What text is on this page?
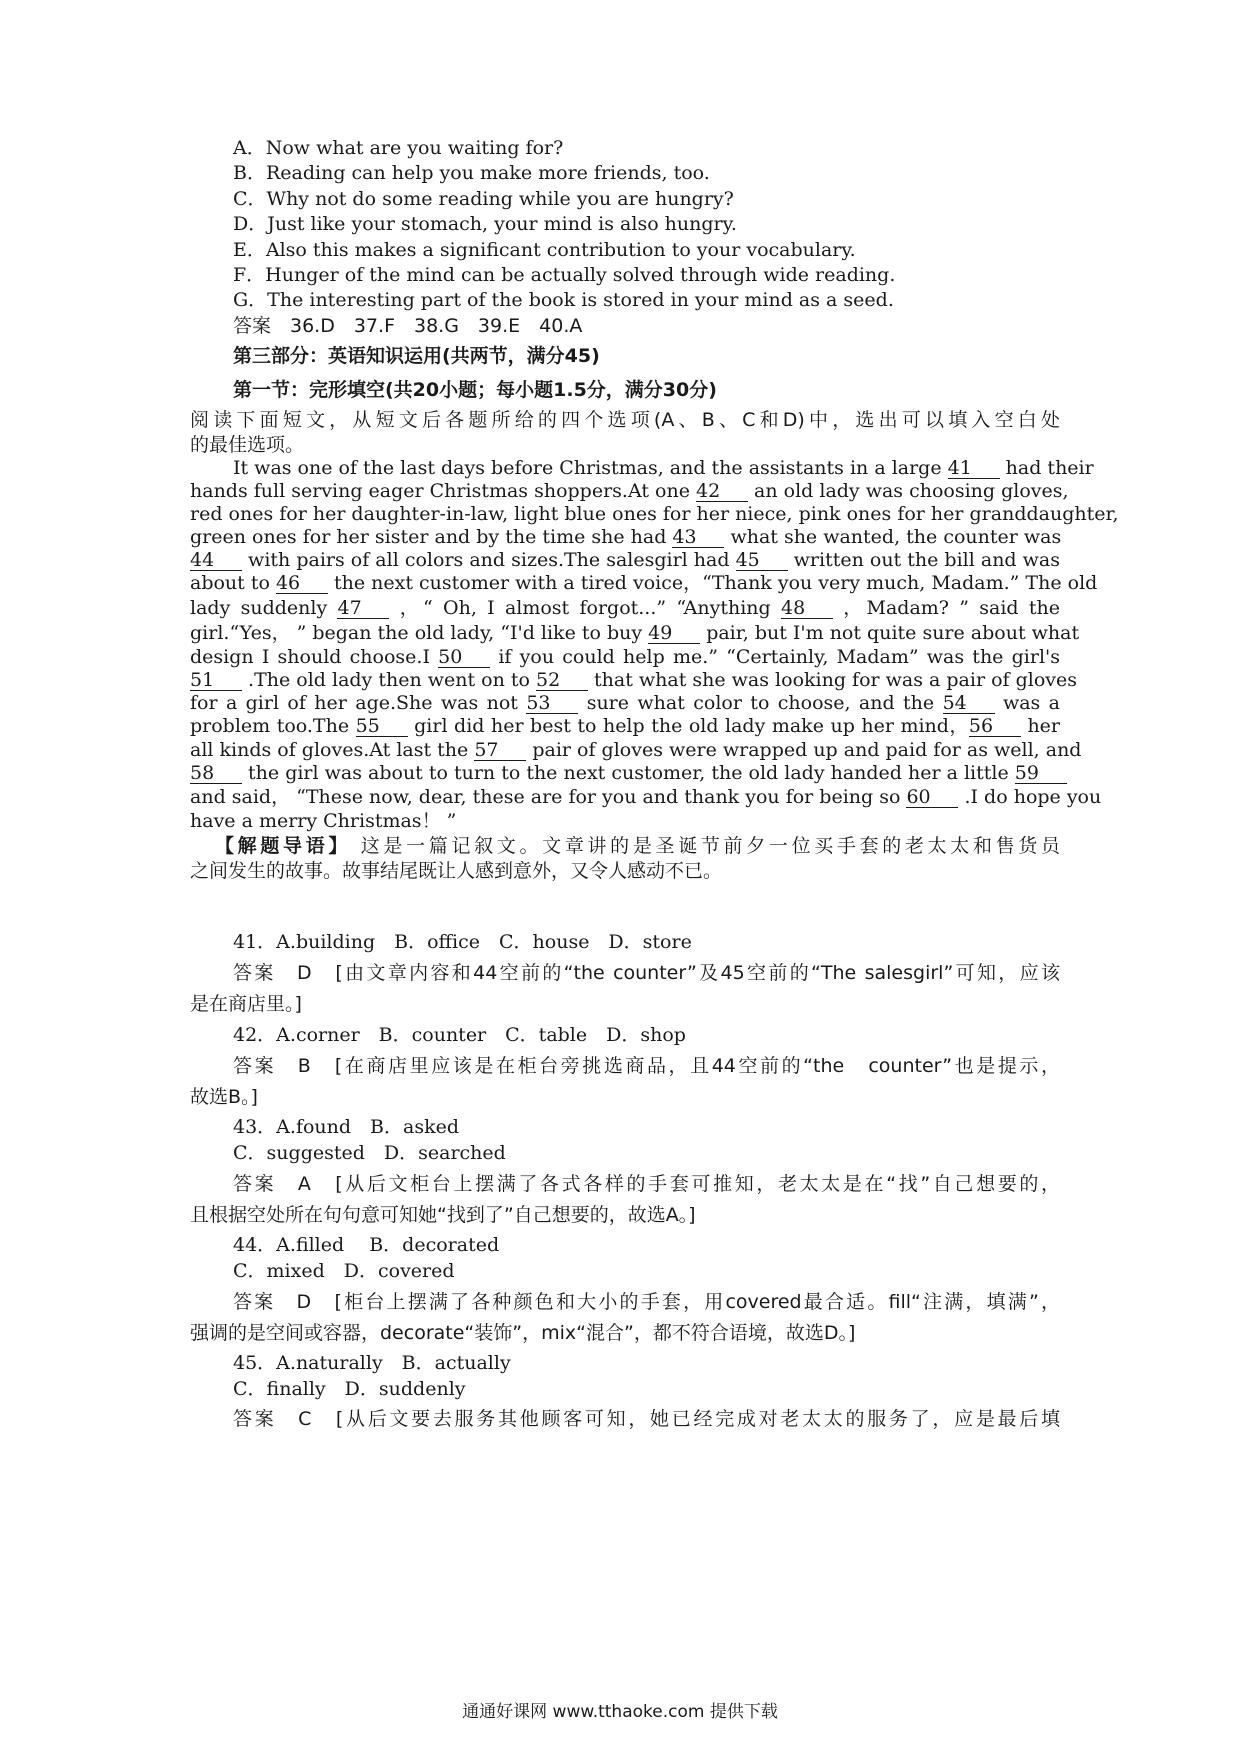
A．Now what are you waiting for?
B．Reading can help you make more friends, too.
C．Why not do some reading while you are hungry?
D．Just like your stomach, your mind is also hungry.
E．Also this makes a significant contribution to your vocabulary.
F．Hunger of the mind can be actually solved through wide reading.
G．The interesting part of the book is stored in your mind as a seed.
答案　36.D　37.F　38.G　39.E　40.A
第三部分：英语知识运用(共两节，满分45)
第一节：完形填空(共20小题；每小题1.5分，满分30分)
阅读下面短文，从短文后各题所给的四个选项(A、B、C和D)中，选出可以填入空白处
的最佳选项。
It was one of the last days before Christmas, and the assistants in a large 41 had their
hands full serving eager Christmas shoppers.At one 42 an old lady was choosing gloves,
red ones for her daughter-in-law, light blue ones for her niece, pink ones for her granddaughter,
green ones for her sister and by the time she had 43 what she wanted, the counter was
44 with pairs of all colors and sizes.The salesgirl had 45 written out the bill and was
about to 46 the next customer with a tired voice，“Thank you very much, Madam.” The old
lady suddenly 47 ，“ Oh, I almost forgot...” “Anything 48 ，Madam? ” said the
girl.“Yes， ” began the old lady, “I'd like to buy 49 pair, but I'm not quite sure about what
design I should choose.I 50 if you could help me.” “Certainly, Madam” was the girl's
51 .The old lady then went on to 52 that what she was looking for was a pair of gloves
for a girl of her age.She was not 53 sure what color to choose, and the 54 was a
problem too.The 55 girl did her best to help the old lady make up her mind，56 her
all kinds of gloves.At last the 57 pair of gloves were wrapped up and paid for as well, and
58 the girl was about to turn to the next customer, the old lady handed her a little 59
and said， “These now, dear, these are for you and thank you for being so 60 .I do hope you
have a merry Christmas！ ”
【解题导语】 这是一篇记叙文。文章讲的是圣诞节前夕一位买手套的老太太和售货员
之间发生的故事。故事结尾既让人感到意外，又令人感动不已。
41．A.building　B．office　C．house　D．store
答案　D　[由文章内容和44空前的“the counter”及45空前的“The salesgirl”可知，应该
是在商店里。]
42．A.corner　B．counter　C．table　D．shop
答案　B　[在商店里应该是在柜台旁挑选商品，且44空前的“the　counter”也是提示，
故选B。]
43．A.found　B．asked
C．suggested　D．searched
答案　A　[从后文柜台上摆满了各式各样的手套可推知，老太太是在“找”自己想要的，
且根据空处所在句句意可知她“找到了”自己想要的，故选A。]
44．A.filled　 B．decorated
C．mixed　D．covered
答案　D　[柜台上摆满了各种颜色和大小的手套，用covered最合适。fill“注满，填满”，
强调的是空间或容器，decorate“装饰”，mix“混合”，都不符合语境，故选D。]
45．A.naturally　B．actually
C．finally　D．suddenly
答案　C　[从后文要去服务其他顾客可知，她已经完成对老太太的服务了，应是最后填
通通好课网 www.tthaoke.com 提供下载
